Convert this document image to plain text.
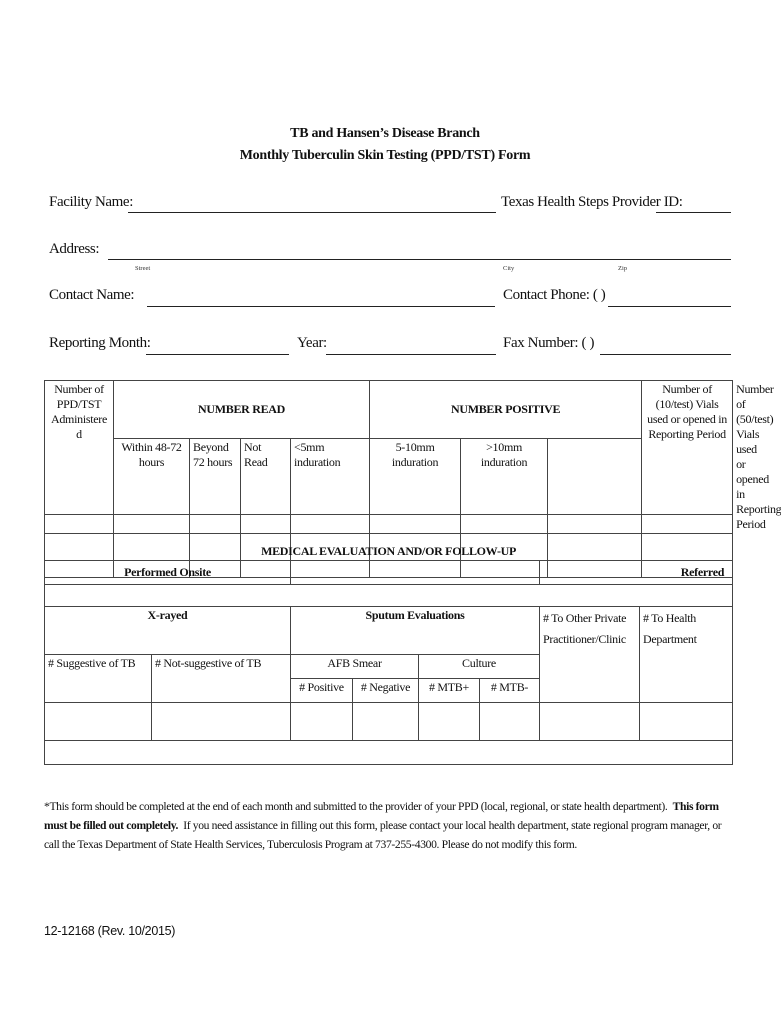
TB and Hansen’s Disease Branch
Monthly Tuberculin Skin Testing (PPD/TST) Form
Facility Name:	Texas Health Steps Provider ID:
Address:
Street	City	Zip
Contact Name:	Contact Phone: ( )
Reporting Month:	Year:	Fax Number: ( )
Number of PPD/TST Administere d	NUMBER READ				NUMBER POSITIVE			Number of (10/test) Vials used or opened in Reporting Period	Number of (50/test) Vials used or opened in Reporting Period
	Within 48-72 hours	Beyond 72 hours	Not Read	<5mm induration	5-10mm induration	>10mm induration			

MEDICAL EVALUATION AND/OR FOLLOW-UP							
Performed Onsite						Referred	

X-rayed		Sputum Evaluations				# To Other Private Practitioner/Clinic	# To Health Department
# Suggestive of TB	# Not-suggestive of TB	AFB Smear		Culture			
		# Positive	# Negative	# MTB+	# MTB-		

*This form should be completed at the end of each month and submitted to the provider of your PPD (local, regional, or state health department). This form must be filled out completely. If you need assistance in filling out this form, please contact your local health department, state regional program manager, or call the Texas Department of State Health Services, Tuberculosis Program at 737-255-4300. Please do not modify this form.
12-12168 (Rev. 10/2015)
